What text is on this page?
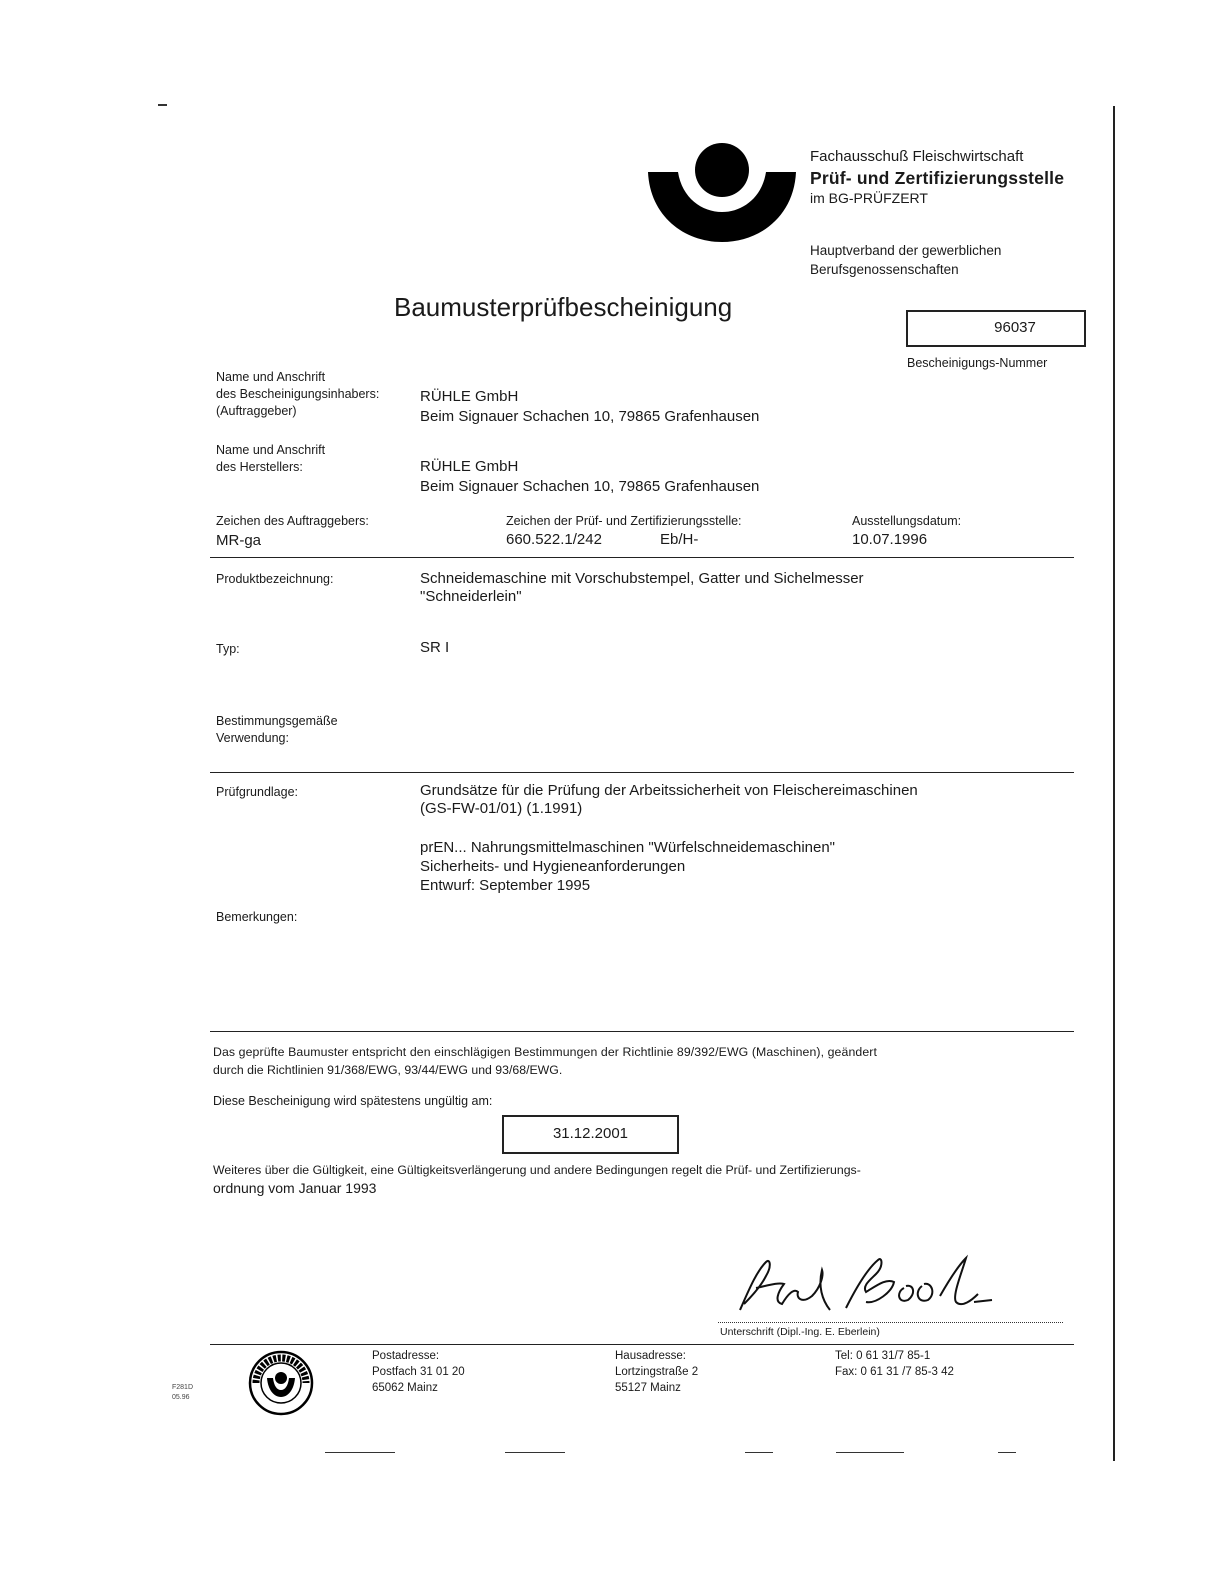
Fachausschuß Fleischwirtschaft
Prüf- und Zertifizierungsstelle
im BG-PRÜFZERT
Hauptverband der gewerblichen
Berufsgenossenschaften
Baumusterprüfbescheinigung
96037
Bescheinigungs-Nummer
Name und Anschrift
des Bescheinigungsinhabers:
(Auftraggeber)
RÜHLE GmbH
Beim Signauer Schachen 10, 79865 Grafenhausen
Name und Anschrift
des Herstellers:	RÜHLE GmbH
Beim Signauer Schachen 10, 79865 Grafenhausen
Zeichen des Auftraggebers:
MR-ga
Zeichen der Prüf- und Zertifizierungsstelle:
660.522.1/242	Eb/H-
Ausstellungsdatum:
10.07.1996
Produktbezeichnung:	Schneidemaschine mit Vorschubstempel, Gatter und Sichelmesser
"Schneiderlein"
Typ:	SR I
Bestimmungsgemäße
Verwendung:
Prüfgrundlage:	Grundsätze für die Prüfung der Arbeitssicherheit von Fleischereimaschinen
(GS-FW-01/01) (1.1991)
prEN... Nahrungsmittelmaschinen "Würfelschneidemaschinen"
Sicherheits- und Hygieneanforderungen
Entwurf: September 1995
Bemerkungen:
Das geprüfte Baumuster entspricht den einschlägigen Bestimmungen der Richtlinie 89/392/EWG (Maschinen), geändert
durch die Richtlinien 91/368/EWG, 93/44/EWG und 93/68/EWG.
Diese Bescheinigung wird spätestens ungültig am:
31.12.2001
Weiteres über die Gültigkeit, eine Gültigkeitsverlängerung und andere Bedingungen regelt die Prüf- und Zertifizierungs-
ordnung vom Januar 1993
Unterschrift (Dipl.-Ing. E. Eberlein)
F281D
05.96
Postadresse:
Postfach 31 01 20
65062 Mainz
Hausadresse:
Lortzingstraße 2
55127 Mainz
Tel: 0 61 31/7 85-1
Fax: 0 61 31 /7 85-3 42
